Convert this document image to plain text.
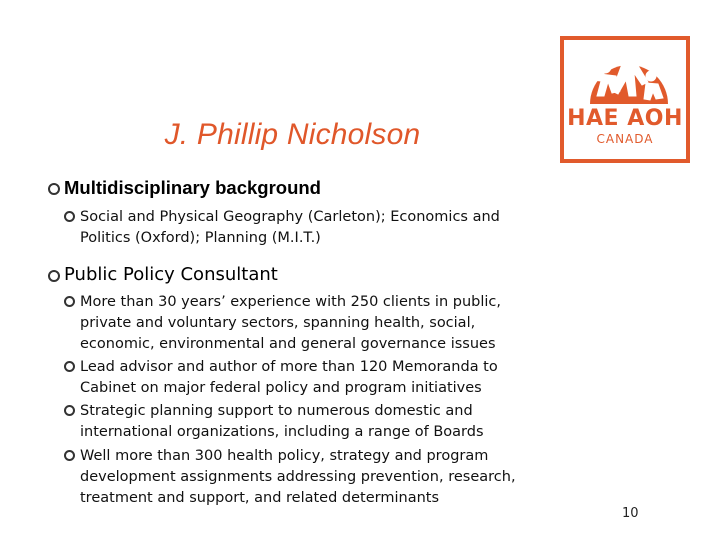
HAE AOH
CANADA
J. Phillip Nicholson
Multidisciplinary background
Social and Physical Geography (Carleton); Economics and Politics (Oxford); Planning (M.I.T.)
Public Policy Consultant
More than 30 years’ experience with 250 clients in public, private and voluntary sectors, spanning health, social, economic, environmental and general governance issues
Lead advisor and author of more than 120 Memoranda to Cabinet on major federal policy and program initiatives
Strategic planning support to numerous domestic and international organizations, including a range of Boards
Well more than 300 health policy, strategy and program development assignments addressing prevention, research, treatment and support, and related determinants
10
